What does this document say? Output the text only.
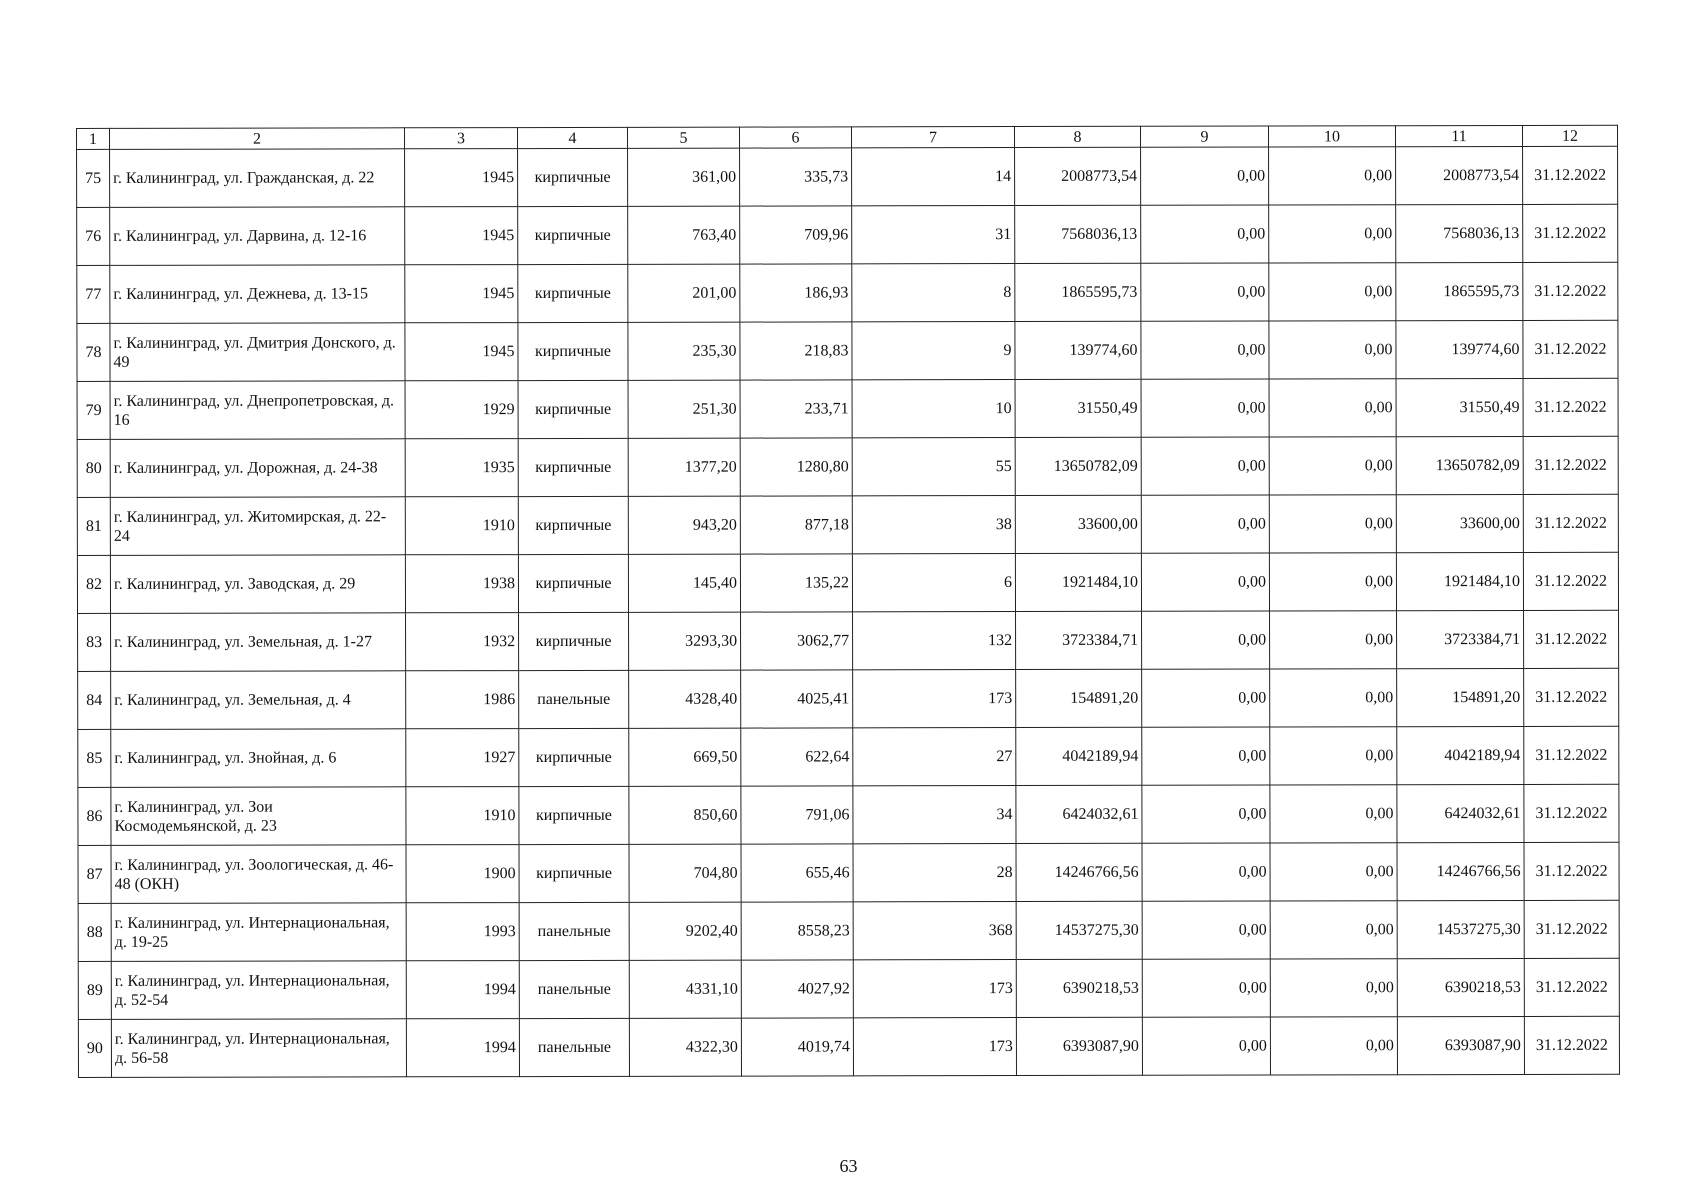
1	2	3	4	5	6	7	8	9	10	11	12
75	г. Калининград, ул. Гражданская, д. 22	1945	кирпичные	361,00	335,73	14	2008773,54	0,00	0,00	2008773,54	31.12.2022
76	г. Калининград, ул. Дарвина, д. 12-16	1945	кирпичные	763,40	709,96	31	7568036,13	0,00	0,00	7568036,13	31.12.2022
77	г. Калининград, ул. Дежнева, д. 13-15	1945	кирпичные	201,00	186,93	8	1865595,73	0,00	0,00	1865595,73	31.12.2022
78	г. Калининград, ул. Дмитрия Донского, д. 49	1945	кирпичные	235,30	218,83	9	139774,60	0,00	0,00	139774,60	31.12.2022
79	г. Калининград, ул. Днепропетровская, д. 16	1929	кирпичные	251,30	233,71	10	31550,49	0,00	0,00	31550,49	31.12.2022
80	г. Калининград, ул. Дорожная, д. 24-38	1935	кирпичные	1377,20	1280,80	55	13650782,09	0,00	0,00	13650782,09	31.12.2022
81	г. Калининград, ул. Житомирская, д. 22-24	1910	кирпичные	943,20	877,18	38	33600,00	0,00	0,00	33600,00	31.12.2022
82	г. Калининград, ул. Заводская, д. 29	1938	кирпичные	145,40	135,22	6	1921484,10	0,00	0,00	1921484,10	31.12.2022
83	г. Калининград, ул. Земельная, д. 1-27	1932	кирпичные	3293,30	3062,77	132	3723384,71	0,00	0,00	3723384,71	31.12.2022
84	г. Калининград, ул. Земельная, д. 4	1986	панельные	4328,40	4025,41	173	154891,20	0,00	0,00	154891,20	31.12.2022
85	г. Калининград, ул. Знойная, д. 6	1927	кирпичные	669,50	622,64	27	4042189,94	0,00	0,00	4042189,94	31.12.2022
86	г. Калининград, ул. Зои Космодемьянской, д. 23	1910	кирпичные	850,60	791,06	34	6424032,61	0,00	0,00	6424032,61	31.12.2022
87	г. Калининград, ул. Зоологическая, д. 46-48 (ОКН)	1900	кирпичные	704,80	655,46	28	14246766,56	0,00	0,00	14246766,56	31.12.2022
88	г. Калининград, ул. Интернациональная, д. 19-25	1993	панельные	9202,40	8558,23	368	14537275,30	0,00	0,00	14537275,30	31.12.2022
89	г. Калининград, ул. Интернациональная, д. 52-54	1994	панельные	4331,10	4027,92	173	6390218,53	0,00	0,00	6390218,53	31.12.2022
90	г. Калининград, ул. Интернациональная, д. 56-58	1994	панельные	4322,30	4019,74	173	6393087,90	0,00	0,00	6393087,90	31.12.2022
63
